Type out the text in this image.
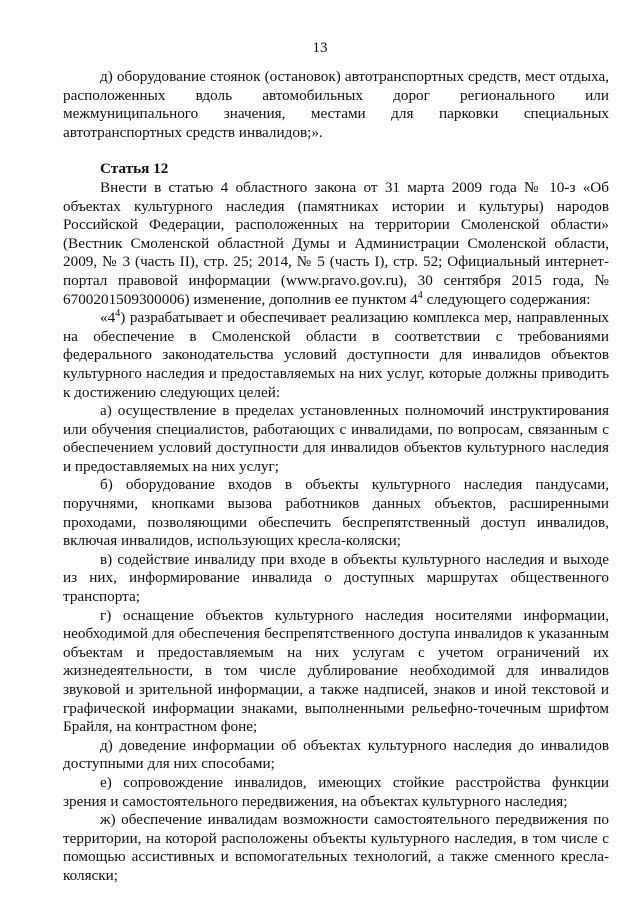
13

д) оборудование стоянок (остановок) автотранспортных средств, мест отдыха, расположенных вдоль автомобильных дорог регионального или межмуниципального значения, местами для парковки специальных автотранспортных средств инвалидов;».

Статья 12

Внести в статью 4 областного закона от 31 марта 2009 года № 10-з «Об объектах культурного наследия (памятниках истории и культуры) народов Российской Федерации, расположенных на территории Смоленской области» (Вестник Смоленской областной Думы и Администрации Смоленской области, 2009, № 3 (часть II), стр. 25; 2014, № 5 (часть I), стр. 52; Официальный интернет-портал правовой информации (www.pravo.gov.ru), 30 сентября 2015 года, № 6700201509300006) изменение, дополнив ее пунктом $4^4$ следующего содержания:

«$4^4$) разрабатывает и обеспечивает реализацию комплекса мер, направленных на обеспечение в Смоленской области в соответствии с требованиями федерального законодательства условий доступности для инвалидов объектов культурного наследия и предоставляемых на них услуг, которые должны приводить к достижению следующих целей:

а) осуществление в пределах установленных полномочий инструктирования или обучения специалистов, работающих с инвалидами, по вопросам, связанным с обеспечением условий доступности для инвалидов объектов культурного наследия и предоставляемых на них услуг;

б) оборудование входов в объекты культурного наследия пандусами, поручнями, кнопками вызова работников данных объектов, расширенными проходами, позволяющими обеспечить беспрепятственный доступ инвалидов, включая инвалидов, использующих кресла-коляски;

в) содействие инвалиду при входе в объекты культурного наследия и выходе из них, информирование инвалида о доступных маршрутах общественного транспорта;

г) оснащение объектов культурного наследия носителями информации, необходимой для обеспечения беспрепятственного доступа инвалидов к указанным объектам и предоставляемым на них услугам с учетом ограничений их жизнедеятельности, в том числе дублирование необходимой для инвалидов звуковой и зрительной информации, а также надписей, знаков и иной текстовой и графической информации знаками, выполненными рельефно-точечным шрифтом Брайля, на контрастном фоне;

д) доведение информации об объектах культурного наследия до инвалидов доступными для них способами;

е) сопровождение инвалидов, имеющих стойкие расстройства функции зрения и самостоятельного передвижения, на объектах культурного наследия;

ж) обеспечение инвалидам возможности самостоятельного передвижения по территории, на которой расположены объекты культурного наследия, в том числе с помощью ассистивных и вспомогательных технологий, а также сменного кресла-коляски;
